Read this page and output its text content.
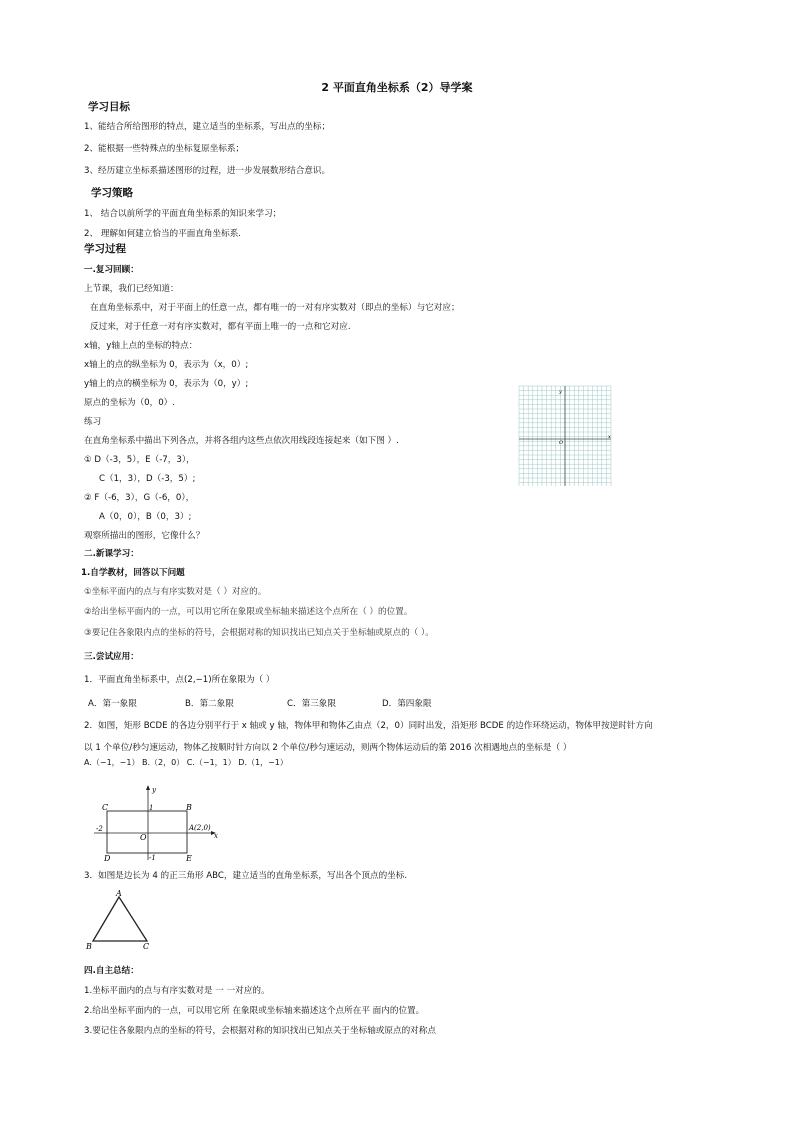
2 平面直角坐标系（2）导学案
学习目标
1、能结合所给图形的特点，建立适当的坐标系，写出点的坐标；
2、能根据一些特殊点的坐标复原坐标系；
3、经历建立坐标系描述图形的过程，进一步发展数形结合意识。
学习策略
1、 结合以前所学的平面直角坐标系的知识来学习；
2、 理解如何建立恰当的平面直角坐标系.
学习过程
一.复习回顾：
上节课，我们已经知道：
在直角坐标系中，对于平面上的任意一点，都有唯一的一对有序实数对（即点的坐标）与它对应；
反过来，对于任意一对有序实数对，都有平面上唯一的一点和它对应.
x轴，y轴上点的坐标的特点：
x轴上的点的纵坐标为 0，表示为（x，0）;
y轴上的点的横坐标为 0，表示为（0，y）;
原点的坐标为（0，0）.
练习
在直角坐标系中描出下列各点，并将各组内这些点依次用线段连接起来（如下图 ）.
① D（-3，5），E（-7，3），
C（1，3），D（-3，5）;
② F（-6，3），G（-6，0），
A（0，0），B（0，3）;
观察所描出的图形，它像什么？
y
x
O
二.新课学习：
1.自学教材，回答以下问题
①坐标平面内的点与有序实数对是（ ）对应的。
②给出坐标平面内的一点，可以用它所在象限或坐标轴来描述这个点所在（ ）的位置。
③要记住各象限内点的坐标的符号，会根据对称的知识找出已知点关于坐标轴或原点的（ ）。
三.尝试应用：
1．平面直角坐标系中，点(2,−1)所在象限为（ ）
A．第一象限	B．第二象限	C．第三象限	D．第四象限
2．如图，矩形 BCDE 的各边分别平行于 x 轴或 y 轴，物体甲和物体乙由点（2，0）同时出发，沿矩形 BCDE 的边作环绕运动，物体甲按逆时针方向
以 1 个单位/秒匀速运动，物体乙按顺时针方向以 2 个单位/秒匀速运动，则两个物体运动后的第 2016 次相遇地点的坐标是（ ）
A.（−1，−1） B.（2，0） C.（−1，1） D.（1，−1）
y
x
C	B
D	E
O
1
-1
-2	A(2,0)
3．如图是边长为 4 的正三角形 ABC，建立适当的直角坐标系，写出各个顶点的坐标.
A
B	C
四.自主总结：
1.坐标平面内的点与有序实数对是 一 一对应的。
2.给出坐标平面内的一点，可以用它所 在象限或坐标轴来描述这个点所在平 面内的位置。
3.要记住各象限内点的坐标的符号，会根据对称的知识找出已知点关于坐标轴或原点的对称点
